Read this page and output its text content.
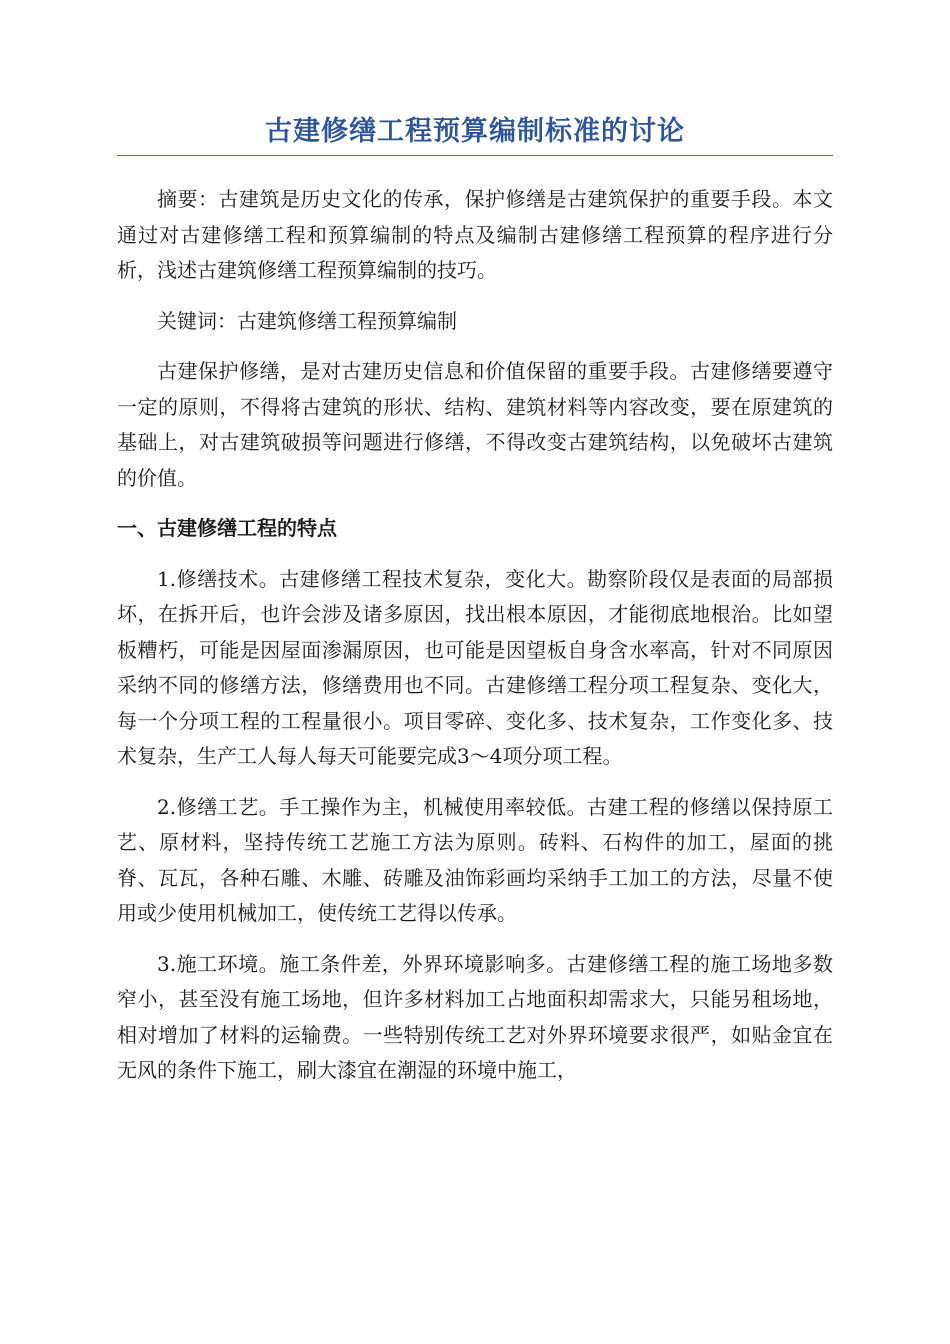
古建修缮工程预算编制标准的讨论

摘要：古建筑是历史文化的传承，保护修缮是古建筑保护的重要手段。本文通过对古建修缮工程和预算编制的特点及编制古建修缮工程预算的程序进行分析，浅述古建筑修缮工程预算编制的技巧。

关键词：古建筑修缮工程预算编制

古建保护修缮，是对古建历史信息和价值保留的重要手段。古建修缮要遵守一定的原则，不得将古建筑的形状、结构、建筑材料等内容改变，要在原建筑的基础上，对古建筑破损等问题进行修缮，不得改变古建筑结构，以免破坏古建筑的价值。

一、古建修缮工程的特点

1.修缮技术。古建修缮工程技术复杂，变化大。勘察阶段仅是表面的局部损坏，在拆开后，也许会涉及诸多原因，找出根本原因，才能彻底地根治。比如望板糟朽，可能是因屋面渗漏原因，也可能是因望板自身含水率高，针对不同原因采纳不同的修缮方法，修缮费用也不同。古建修缮工程分项工程复杂、变化大，每一个分项工程的工程量很小。项目零碎、变化多、技术复杂，工作变化多、技术复杂，生产工人每人每天可能要完成3～4项分项工程。

2.修缮工艺。手工操作为主，机械使用率较低。古建工程的修缮以保持原工艺、原材料，坚持传统工艺施工方法为原则。砖料、石构件的加工，屋面的挑脊、瓦瓦，各种石雕、木雕、砖雕及油饰彩画均采纳手工加工的方法，尽量不使用或少使用机械加工，使传统工艺得以传承。

3.施工环境。施工条件差，外界环境影响多。古建修缮工程的施工场地多数窄小，甚至没有施工场地，但许多材料加工占地面积却需求大，只能另租场地，相对增加了材料的运输费。一些特别传统工艺对外界环境要求很严，如贴金宜在无风的条件下施工，刷大漆宜在潮湿的环境中施工，
